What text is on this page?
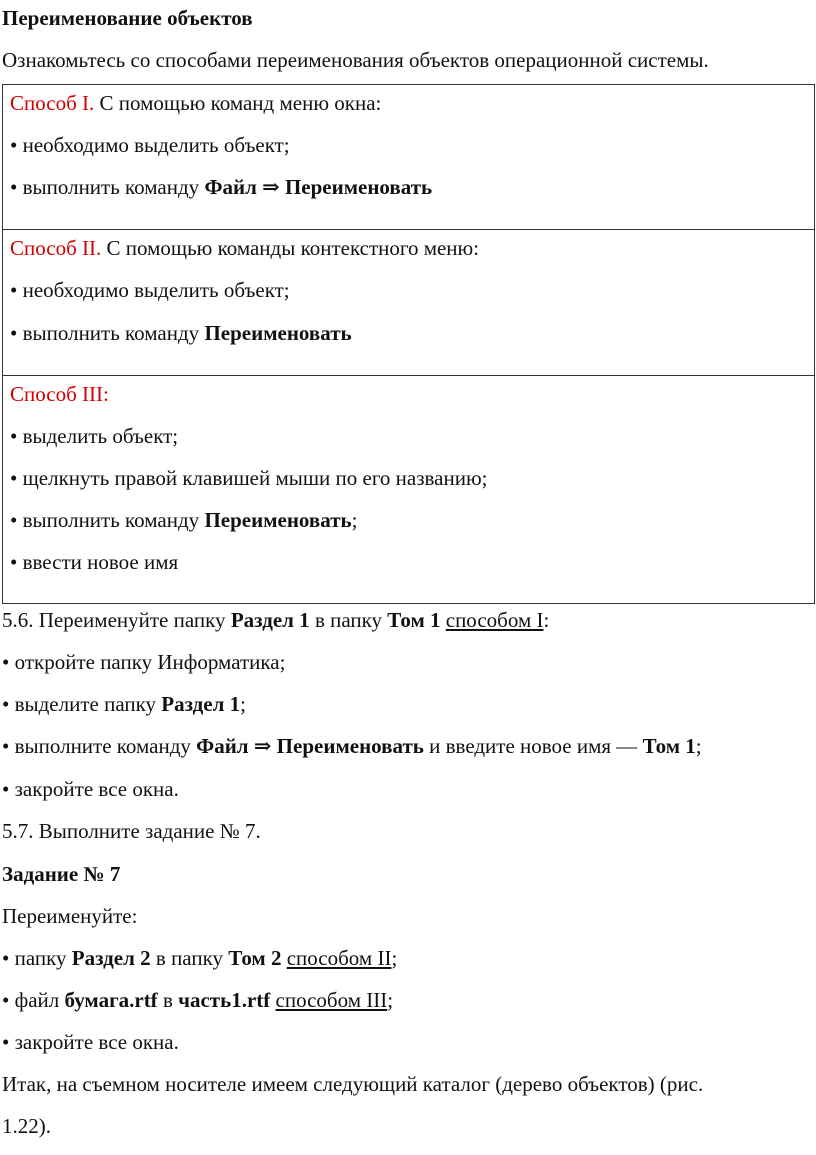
Переименование объектов
Ознакомьтесь со способами переименования объектов операционной системы.
Способ I. С помощью команд меню окна:
• необходимо выделить объект;
• выполнить команду Файл ⇒ Переименовать
Способ II. С помощью команды контекстного меню:
• необходимо выделить объект;
• выполнить команду Переименовать
Способ III:
• выделить объект;
• щелкнуть правой клавишей мыши по его названию;
• выполнить команду Переименовать;
• ввести новое имя
5.6. Переименуйте папку Раздел 1 в папку Том 1 способом I:
• откройте папку Информатика;
• выделите папку Раздел 1;
• выполните команду Файл ⇒ Переименовать и введите новое имя — Том 1;
• закройте все окна.
5.7. Выполните задание № 7.
Задание № 7
Переименуйте:
• папку Раздел 2 в папку Том 2 способом II;
• файл бумага.rtf в часть1.rtf способом III;
• закройте все окна.
Итак, на съемном носителе имеем следующий каталог (дерево объектов) (рис.
1.22).
